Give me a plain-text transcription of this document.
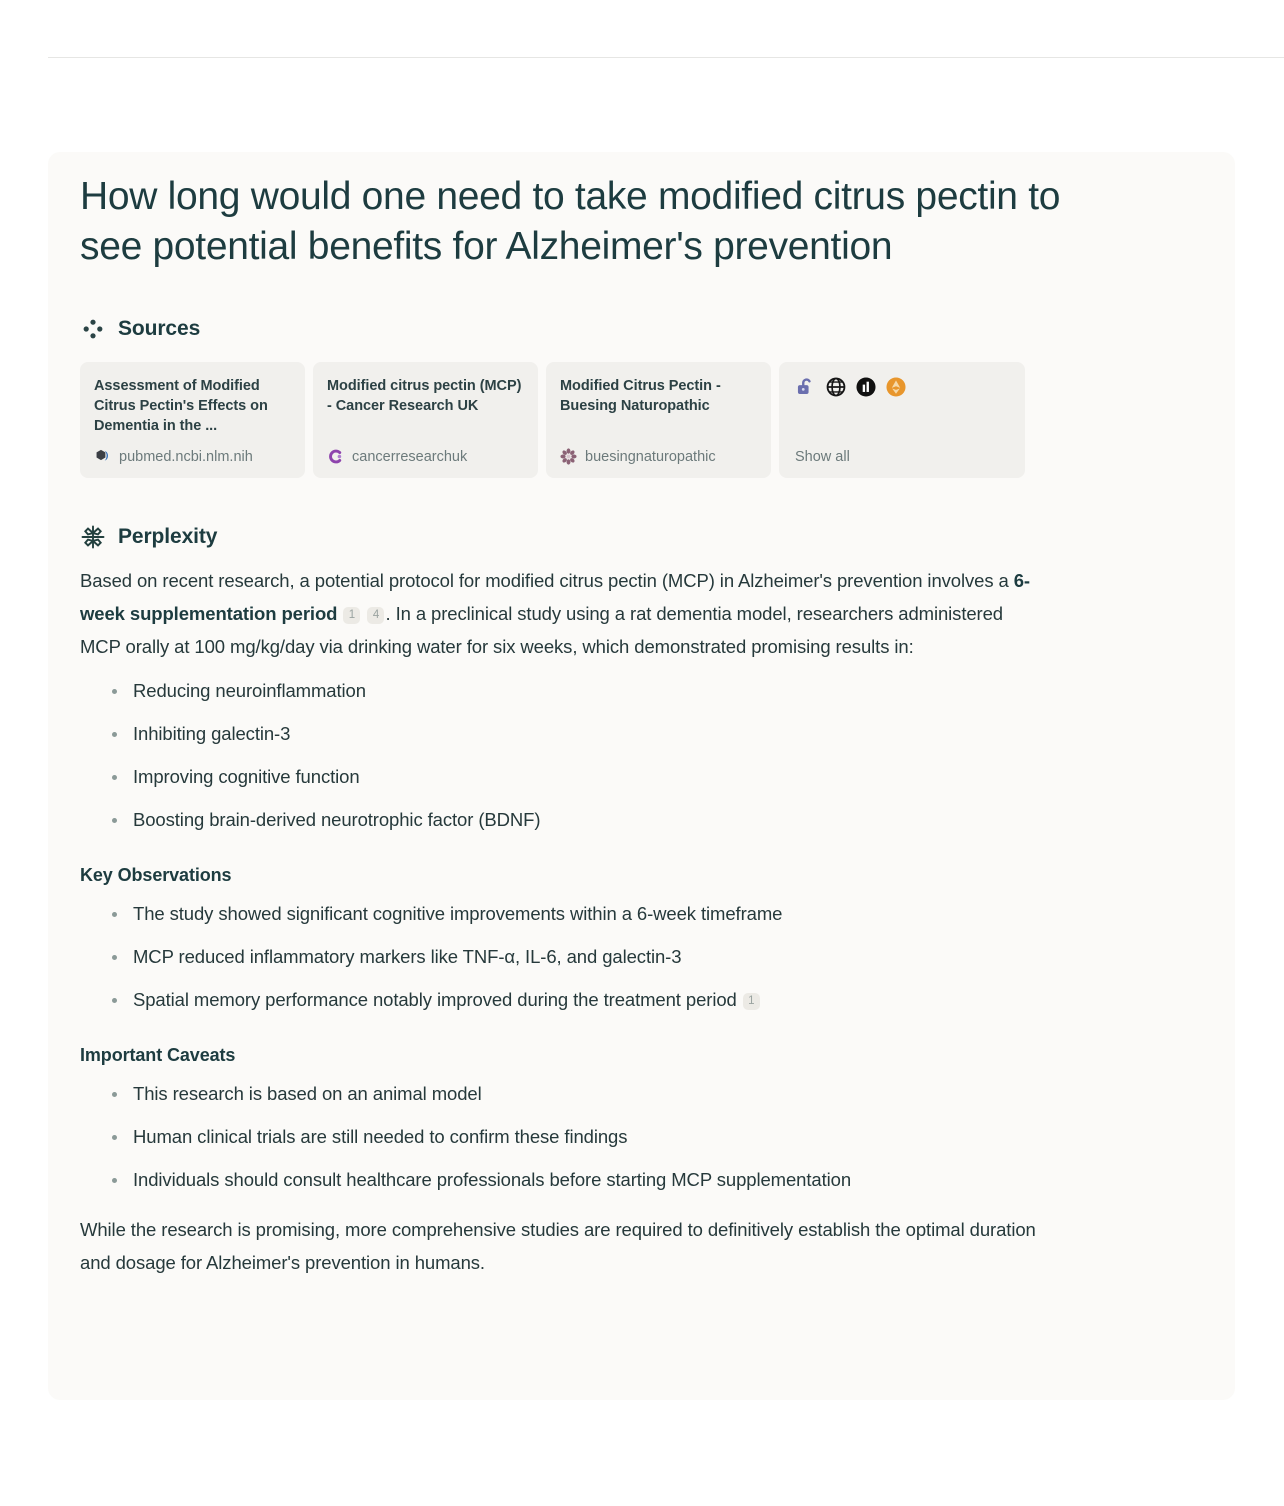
How long would one need to take modified citrus pectin to see potential benefits for Alzheimer's prevention
Sources
Assessment of Modified Citrus Pectin's Effects on Dementia in the ...
pubmed.ncbi.nlm.nih
Modified citrus pectin (MCP) - Cancer Research UK
cancerresearchuk
Modified Citrus Pectin - Buesing Naturopathic
buesingnaturopathic	Show all
Perplexity

Based on recent research, a potential protocol for modified citrus pectin (MCP) in Alzheimer's prevention involves a 6-week supplementation period 1 4 . In a preclinical study using a rat dementia model, researchers administered MCP orally at 100 mg/kg/day via drinking water for six weeks, which demonstrated promising results in:

Reducing neuroinflammation
Inhibiting galectin-3
Improving cognitive function
Boosting brain-derived neurotrophic factor (BDNF)
Key Observations
The study showed significant cognitive improvements within a 6-week timeframe
MCP reduced inflammatory markers like TNF-α, IL-6, and galectin-3
Spatial memory performance notably improved during the treatment period 1
Important Caveats
This research is based on an animal model
Human clinical trials are still needed to confirm these findings
Individuals should consult healthcare professionals before starting MCP supplementation

While the research is promising, more comprehensive studies are required to definitively establish the optimal duration and dosage for Alzheimer's prevention in humans.
